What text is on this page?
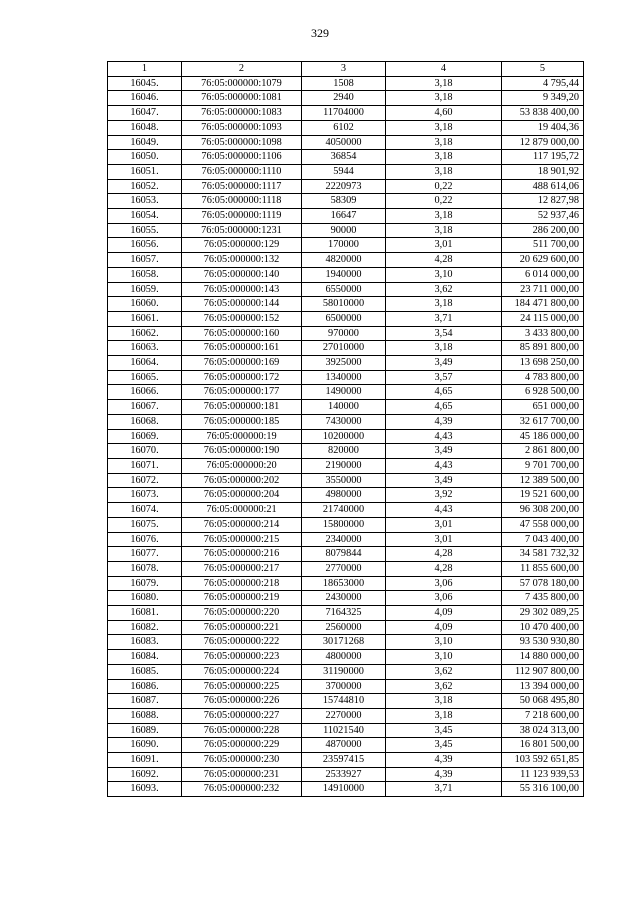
329
1	2	3	4	5
16045.	76:05:000000:1079	1508	3,18	4 795,44
16046.	76:05:000000:1081	2940	3,18	9 349,20
16047.	76:05:000000:1083	11704000	4,60	53 838 400,00
16048.	76:05:000000:1093	6102	3,18	19 404,36
16049.	76:05:000000:1098	4050000	3,18	12 879 000,00
16050.	76:05:000000:1106	36854	3,18	117 195,72
16051.	76:05:000000:1110	5944	3,18	18 901,92
16052.	76:05:000000:1117	2220973	0,22	488 614,06
16053.	76:05:000000:1118	58309	0,22	12 827,98
16054.	76:05:000000:1119	16647	3,18	52 937,46
16055.	76:05:000000:1231	90000	3,18	286 200,00
16056.	76:05:000000:129	170000	3,01	511 700,00
16057.	76:05:000000:132	4820000	4,28	20 629 600,00
16058.	76:05:000000:140	1940000	3,10	6 014 000,00
16059.	76:05:000000:143	6550000	3,62	23 711 000,00
16060.	76:05:000000:144	58010000	3,18	184 471 800,00
16061.	76:05:000000:152	6500000	3,71	24 115 000,00
16062.	76:05:000000:160	970000	3,54	3 433 800,00
16063.	76:05:000000:161	27010000	3,18	85 891 800,00
16064.	76:05:000000:169	3925000	3,49	13 698 250,00
16065.	76:05:000000:172	1340000	3,57	4 783 800,00
16066.	76:05:000000:177	1490000	4,65	6 928 500,00
16067.	76:05:000000:181	140000	4,65	651 000,00
16068.	76:05:000000:185	7430000	4,39	32 617 700,00
16069.	76:05:000000:19	10200000	4,43	45 186 000,00
16070.	76:05:000000:190	820000	3,49	2 861 800,00
16071.	76:05:000000:20	2190000	4,43	9 701 700,00
16072.	76:05:000000:202	3550000	3,49	12 389 500,00
16073.	76:05:000000:204	4980000	3,92	19 521 600,00
16074.	76:05:000000:21	21740000	4,43	96 308 200,00
16075.	76:05:000000:214	15800000	3,01	47 558 000,00
16076.	76:05:000000:215	2340000	3,01	7 043 400,00
16077.	76:05:000000:216	8079844	4,28	34 581 732,32
16078.	76:05:000000:217	2770000	4,28	11 855 600,00
16079.	76:05:000000:218	18653000	3,06	57 078 180,00
16080.	76:05:000000:219	2430000	3,06	7 435 800,00
16081.	76:05:000000:220	7164325	4,09	29 302 089,25
16082.	76:05:000000:221	2560000	4,09	10 470 400,00
16083.	76:05:000000:222	30171268	3,10	93 530 930,80
16084.	76:05:000000:223	4800000	3,10	14 880 000,00
16085.	76:05:000000:224	31190000	3,62	112 907 800,00
16086.	76:05:000000:225	3700000	3,62	13 394 000,00
16087.	76:05:000000:226	15744810	3,18	50 068 495,80
16088.	76:05:000000:227	2270000	3,18	7 218 600,00
16089.	76:05:000000:228	11021540	3,45	38 024 313,00
16090.	76:05:000000:229	4870000	3,45	16 801 500,00
16091.	76:05:000000:230	23597415	4,39	103 592 651,85
16092.	76:05:000000:231	2533927	4,39	11 123 939,53
16093.	76:05:000000:232	14910000	3,71	55 316 100,00
